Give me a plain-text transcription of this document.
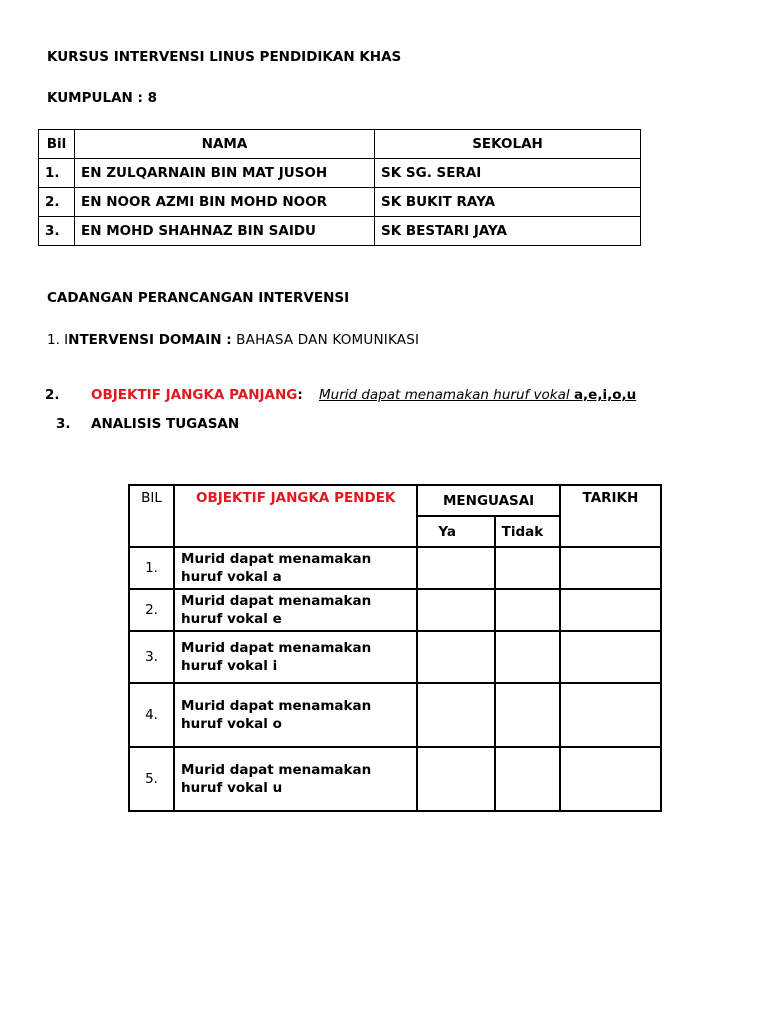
KURSUS INTERVENSI LINUS PENDIDIKAN KHAS
KUMPULAN : 8
Bil	NAMA	SEKOLAH
1.	EN ZULQARNAIN BIN MAT JUSOH	SK SG. SERAI
2.	EN NOOR AZMI BIN MOHD NOOR	SK BUKIT RAYA
3.	EN MOHD SHAHNAZ BIN SAIDU	SK BESTARI JAYA
CADANGAN PERANCANGAN INTERVENSI
1. INTERVENSI DOMAIN : BAHASA DAN KOMUNIKASI
2. OBJEKTIF JANGKA PANJANG: Murid dapat menamakan huruf vokal a,e,i,o,u
3. ANALISIS TUGASAN
BIL	OBJEKTIF JANGKA PENDEK	MENGUASAI		TARIKH
		Ya	Tidak	
1.	Murid dapat menamakan huruf vokal a			
2.	Murid dapat menamakan huruf vokal e			
3.	Murid dapat menamakan huruf vokal i			
4.	Murid dapat menamakan huruf vokal o			
5.	Murid dapat menamakan huruf vokal u			
